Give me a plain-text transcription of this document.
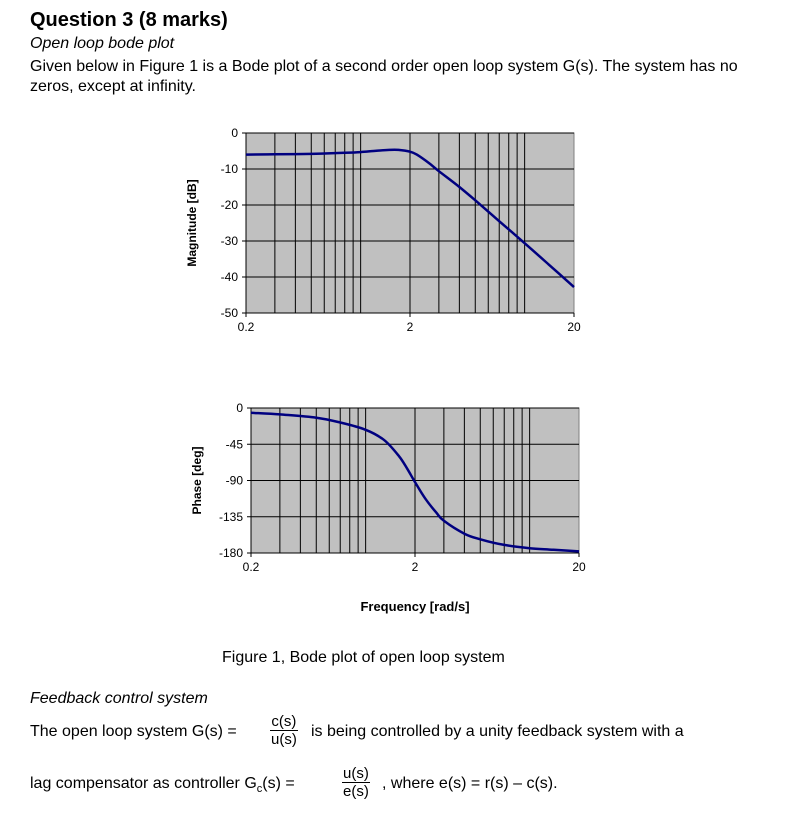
Question 3 (8 marks)
Open loop bode plot
Given below in Figure 1 is a Bode plot of a second order open loop system G(s). The system has no zeros, except at infinity.
0
-10
-20
-30
-40
-50
0.2	2	20
Magnitude [dB]
0
-45
-90
-135
-180
0.2	2	20
Phase [deg]
Frequency [rad/s]
Figure 1, Bode plot of open loop system
Feedback control system
The open loop system $G(s) = \frac{c(s)}{u(s)}$ is being controlled by a unity feedback system with a
lag compensator as controller $G_c(s)$ =	$\frac{u(s)}{e(s)}$ , where e(s) = r(s) – c(s).
